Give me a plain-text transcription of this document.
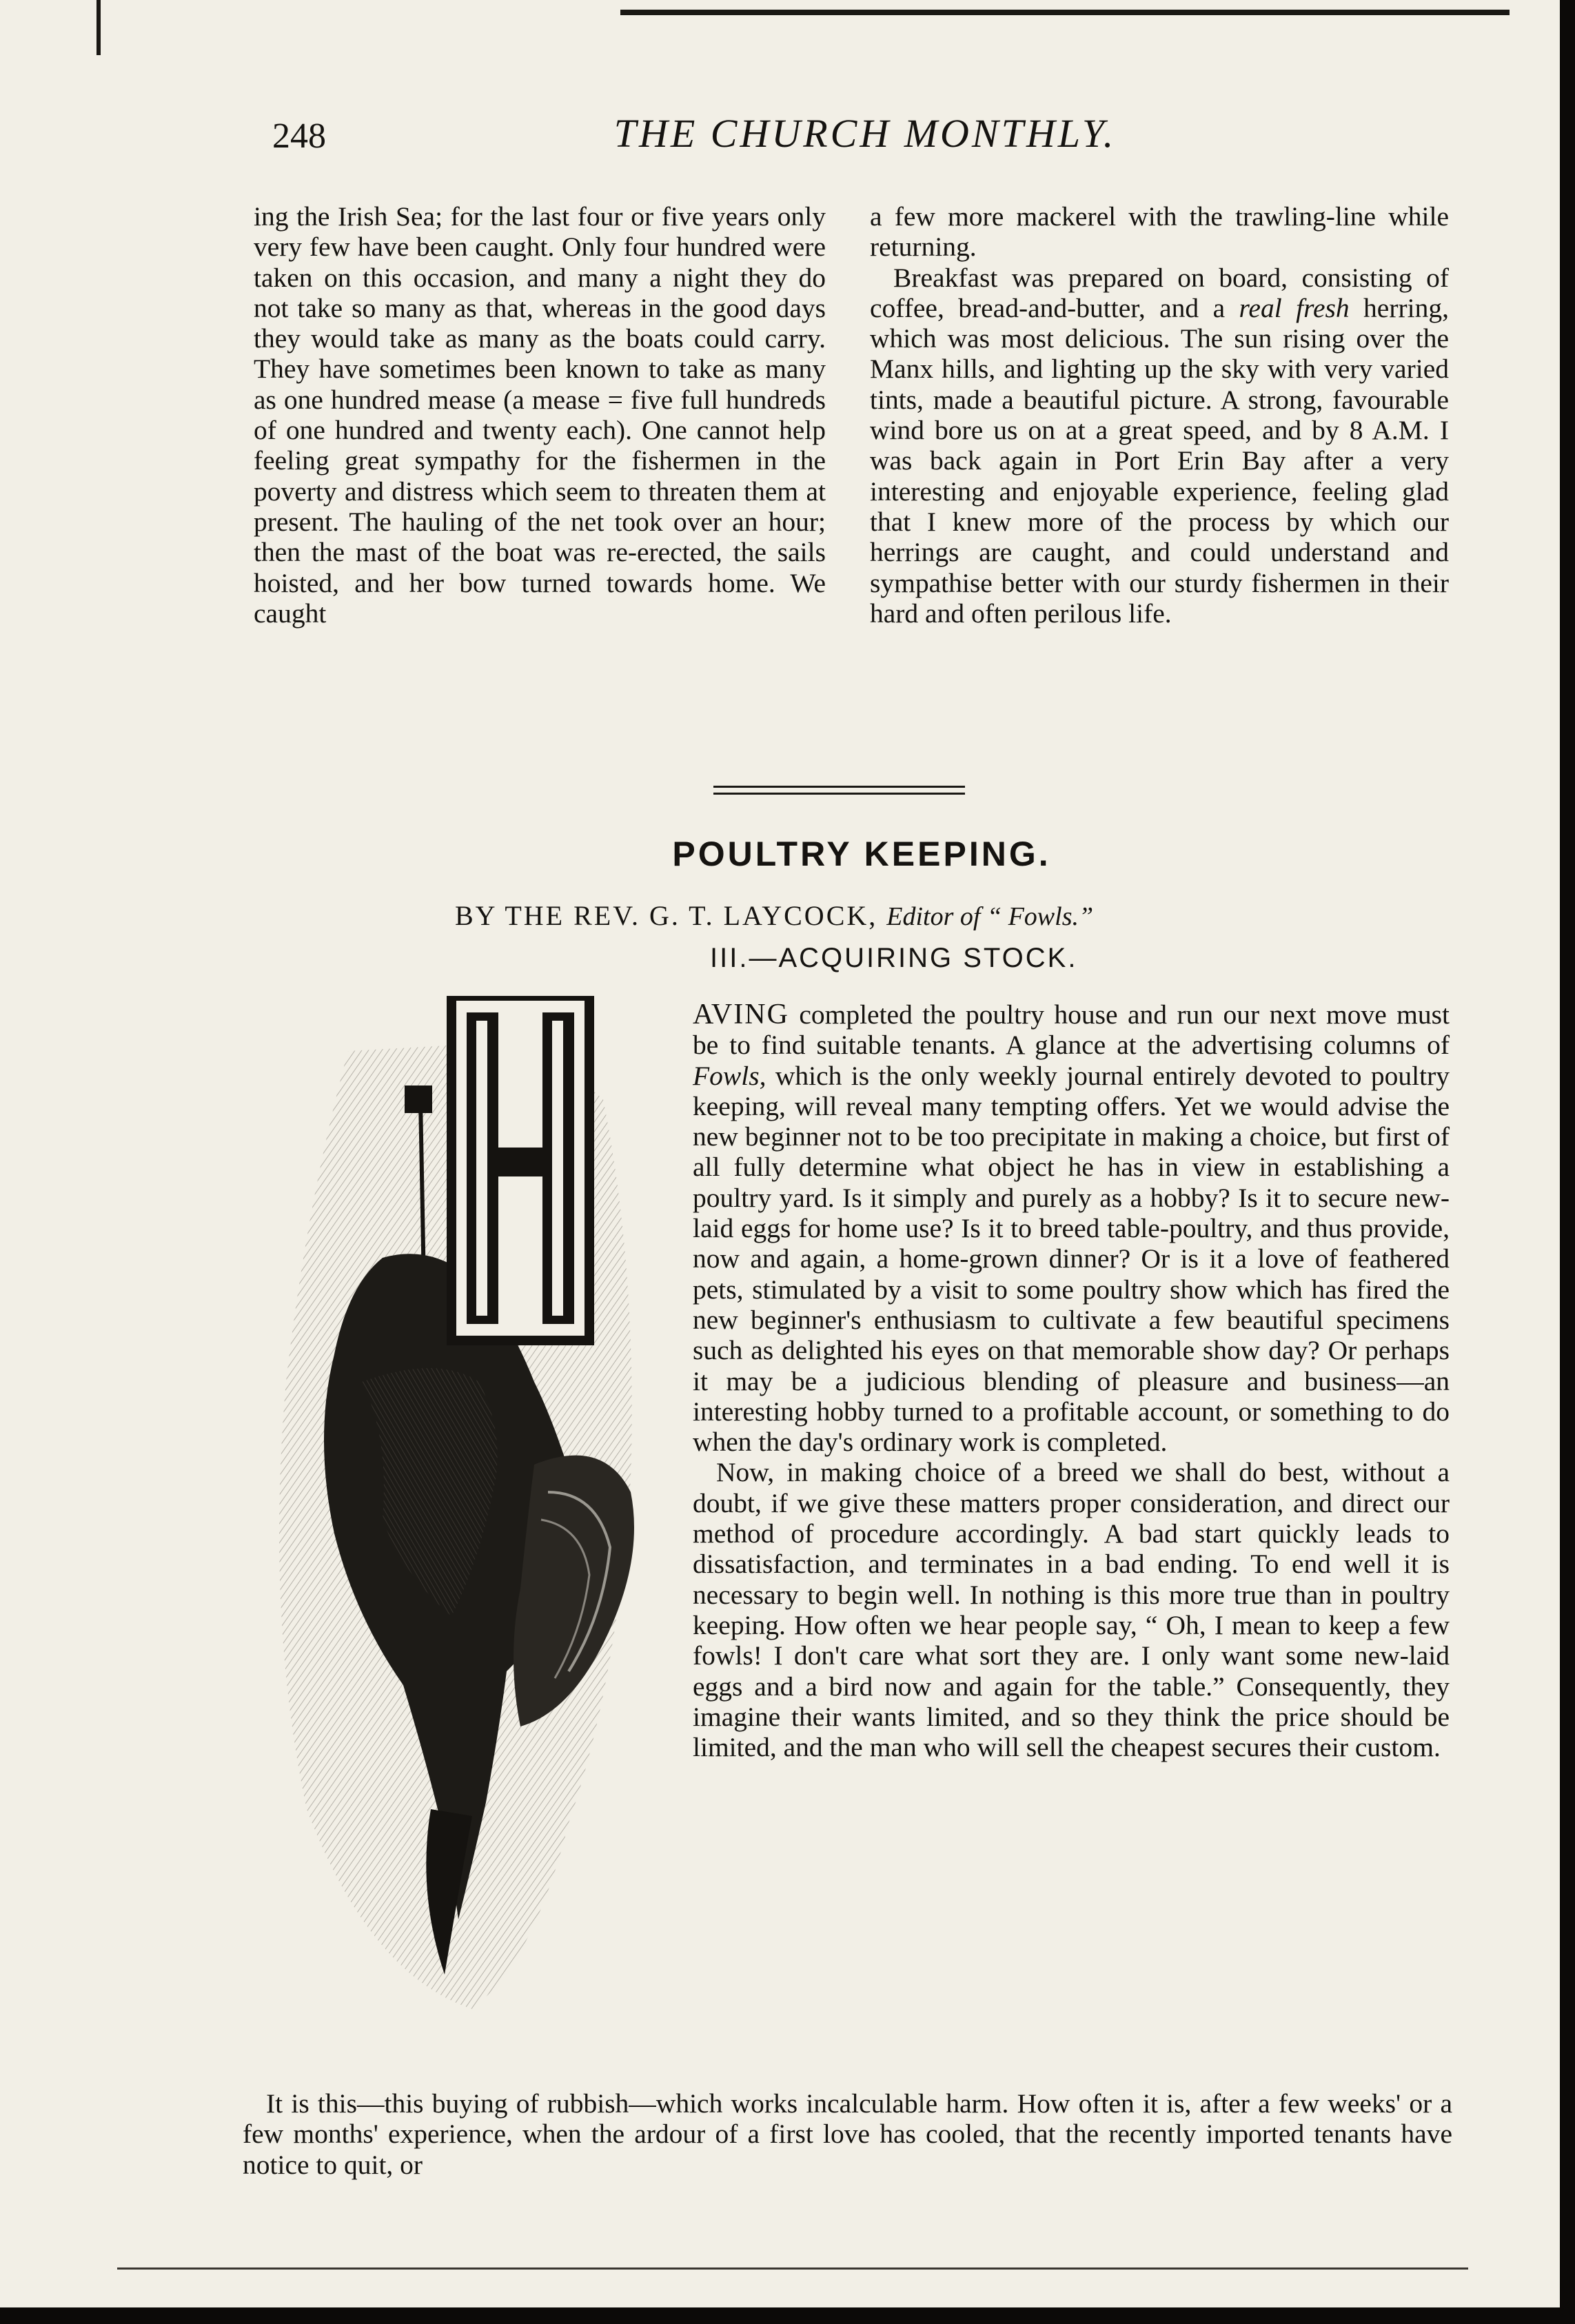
248	THE CHURCH MONTHLY.

ing the Irish Sea; for the last four or five years only very few have been caught. Only four hundred were taken on this occasion, and many a night they do not take so many as that, whereas in the good days they would take as many as the boats could carry. They have sometimes been known to take as many as one hundred mease (a mease = five full hundreds of one hundred and twenty each). One cannot help feeling great sympathy for the fishermen in the poverty and distress which seem to threaten them at present. The hauling of the net took over an hour; then the mast of the boat was re-erected, the sails hoisted, and her bow turned towards home. We caught

a few more mackerel with the trawling-line while returning.

Breakfast was prepared on board, consisting of coffee, bread-and-butter, and a real fresh herring, which was most delicious. The sun rising over the Manx hills, and lighting up the sky with very varied tints, made a beautiful picture. A strong, favourable wind bore us on at a great speed, and by 8 A.M. I was back again in Port Erin Bay after a very interesting and enjoyable experience, feeling glad that I knew more of the process by which our herrings are caught, and could understand and sympathise better with our sturdy fishermen in their hard and often perilous life.

POULTRY KEEPING.
BY THE REV. G. T. LAYCOCK, Editor of “ Fowls.”
III.—ACQUIRING STOCK.

AVING completed the poultry house and run our next move must be to find suitable tenants. A glance at the advertising columns of Fowls, which is the only weekly journal entirely devoted to poultry keeping, will reveal many tempting offers. Yet we would advise the new beginner not to be too precipitate in making a choice, but first of all fully determine what object he has in view in establishing a poultry yard. Is it simply and purely as a hobby? Is it to secure new-laid eggs for home use? Is it to breed table-poultry, and thus provide, now and again, a home-grown dinner? Or is it a love of feathered pets, stimulated by a visit to some poultry show which has fired the new beginner's enthusiasm to cultivate a few beautiful specimens such as delighted his eyes on that memorable show day? Or perhaps it may be a judicious blending of pleasure and business—an interesting hobby turned to a profitable account, or something to do when the day's ordinary work is completed.

Now, in making choice of a breed we shall do best, without a doubt, if we give these matters proper consideration, and direct our method of procedure accordingly. A bad start quickly leads to dissatisfaction, and terminates in a bad ending. To end well it is necessary to begin well. In nothing is this more true than in poultry keeping. How often we hear people say, “ Oh, I mean to keep a few fowls! I don't care what sort they are. I only want some new-laid eggs and a bird now and again for the table.” Consequently, they imagine their wants limited, and so they think the price should be limited, and the man who will sell the cheapest secures their custom.

It is this—this buying of rubbish—which works incalculable harm. How often it is, after a few weeks' or a few months' experience, when the ardour of a first love has cooled, that the recently imported tenants have notice to quit, or
